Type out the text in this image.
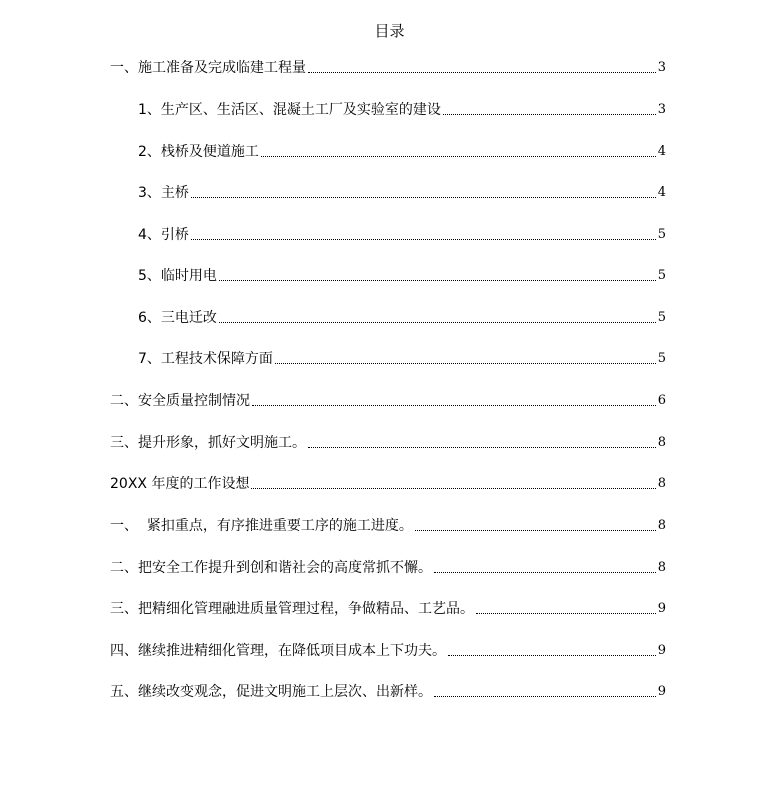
目录
一、施工准备及完成临建工程量	3
1、生产区、生活区、混凝土工厂及实验室的建设	3
2、栈桥及便道施工	4
3、主桥	4
4、引桥	5
5、临时用电	5
6、三电迁改	5
7、工程技术保障方面	5
二、安全质量控制情况	6
三、提升形象，抓好文明施工。	8
20XX 年度的工作设想	8
一、  紧扣重点，有序推进重要工序的施工进度。	8
二、把安全工作提升到创和谐社会的高度常抓不懈。	8
三、把精细化管理融进质量管理过程，争做精品、工艺品。	9
四、继续推进精细化管理，在降低项目成本上下功夫。	9
五、继续改变观念，促进文明施工上层次、出新样。	9
